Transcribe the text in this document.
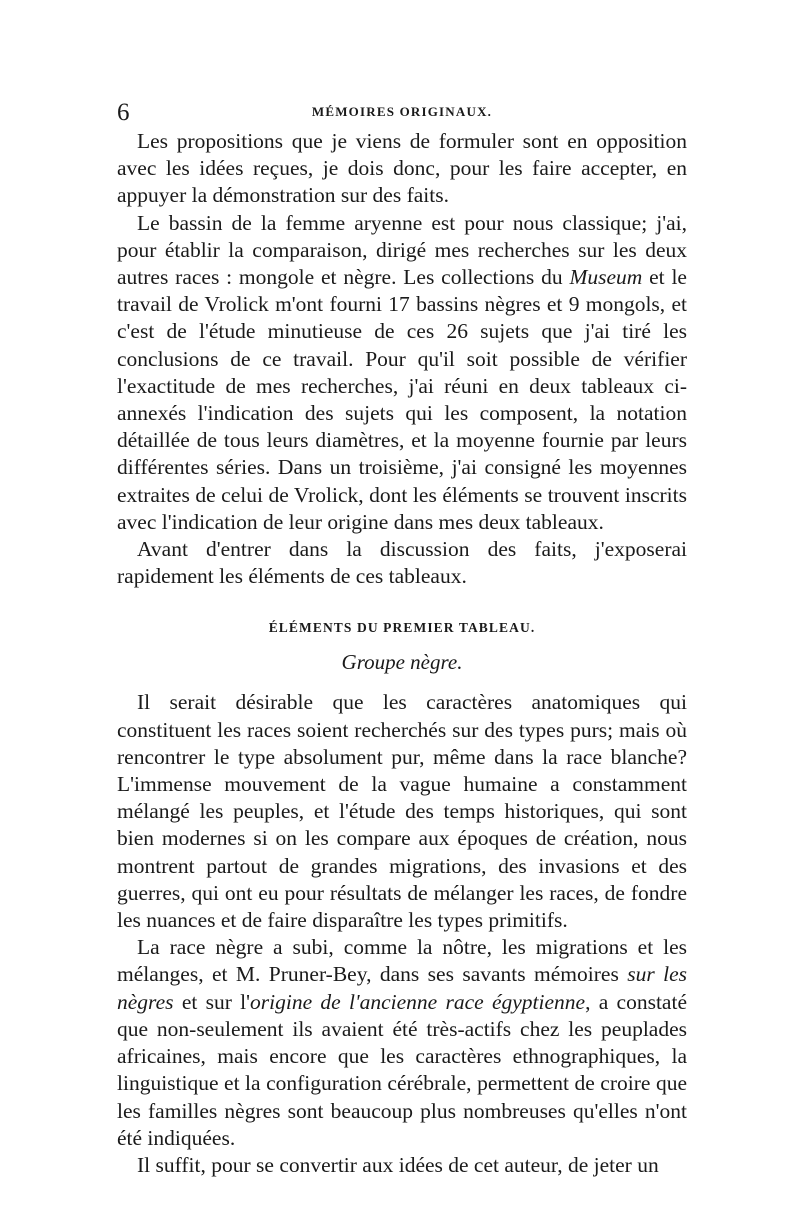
6	MÉMOIRES ORIGINAUX.

Les propositions que je viens de formuler sont en opposition avec les idées reçues, je dois donc, pour les faire accepter, en appuyer la démonstration sur des faits.

Le bassin de la femme aryenne est pour nous classique; j'ai, pour établir la comparaison, dirigé mes recherches sur les deux autres races : mongole et nègre. Les collections du Museum et le travail de Vrolick m'ont fourni 17 bassins nègres et 9 mongols, et c'est de l'étude minutieuse de ces 26 sujets que j'ai tiré les conclusions de ce travail. Pour qu'il soit possible de vérifier l'exactitude de mes recherches, j'ai réuni en deux tableaux ci-annexés l'indication des sujets qui les composent, la notation détaillée de tous leurs diamètres, et la moyenne fournie par leurs différentes séries. Dans un troisième, j'ai consigné les moyennes extraites de celui de Vrolick, dont les éléments se trouvent inscrits avec l'indication de leur origine dans mes deux tableaux.

Avant d'entrer dans la discussion des faits, j'exposerai rapidement les éléments de ces tableaux.

ÉLÉMENTS DU PREMIER TABLEAU.
Groupe nègre.

Il serait désirable que les caractères anatomiques qui constituent les races soient recherchés sur des types purs; mais où rencontrer le type absolument pur, même dans la race blanche? L'immense mouvement de la vague humaine a constamment mélangé les peuples, et l'étude des temps historiques, qui sont bien modernes si on les compare aux époques de création, nous montrent partout de grandes migrations, des invasions et des guerres, qui ont eu pour résultats de mélanger les races, de fondre les nuances et de faire disparaître les types primitifs.

La race nègre a subi, comme la nôtre, les migrations et les mélanges, et M. Pruner-Bey, dans ses savants mémoires sur les nègres et sur l'origine de l'ancienne race égyptienne, a constaté que non-seulement ils avaient été très-actifs chez les peuplades africaines, mais encore que les caractères ethnographiques, la linguistique et la configuration cérébrale, permettent de croire que les familles nègres sont beaucoup plus nombreuses qu'elles n'ont été indiquées.

Il suffit, pour se convertir aux idées de cet auteur, de jeter un
